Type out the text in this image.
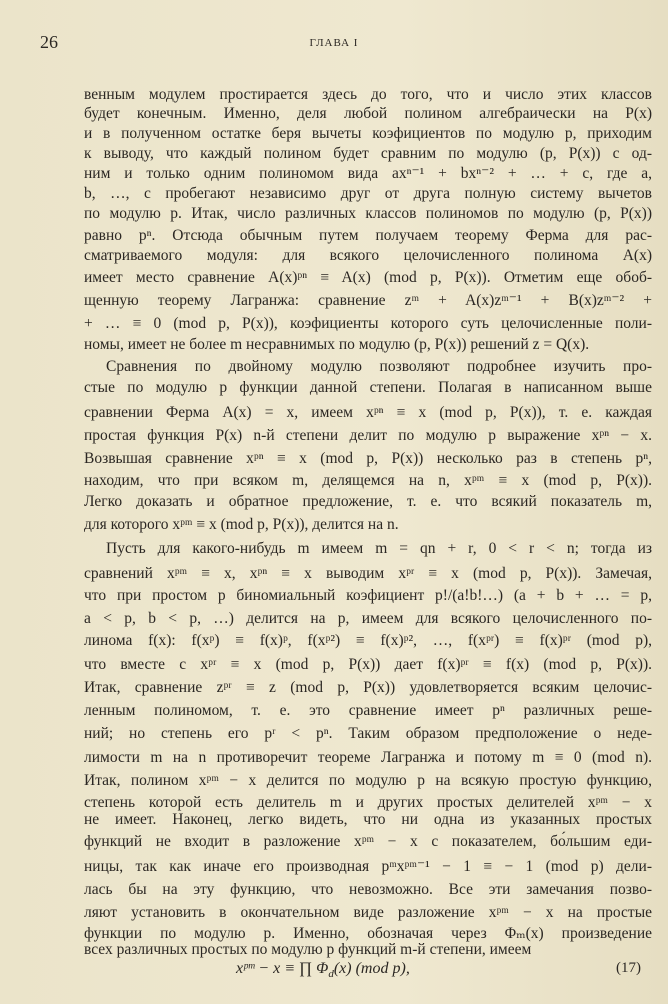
26	ГЛАВА I
венным модулем простирается здесь до того, что и число этих классов
будет конечным. Именно, деля любой полином алгебраически на P(x)
и в полученном остатке беря вычеты коэфициентов по модулю p, приходим
к выводу, что каждый полином будет сравним по модулю (p, P(x)) с од-
ним и только одним полиномом вида axⁿ⁻¹ + bxⁿ⁻² + … + c, где a,
b, …, c пробегают независимо друг от друга полную систему вычетов
по модулю p. Итак, число различных классов полиномов по модулю (p, P(x))
равно pⁿ. Отсюда обычным путем получаем теорему Ферма для рас-
сматриваемого модуля: для всякого целочисленного полинома A(x)
имеет место сравнение A(x)ᵖⁿ ≡ A(x) (mod p, P(x)). Отметим еще обоб-
щенную теорему Лагранжа: сравнение zᵐ + A(x)zᵐ⁻¹ + B(x)zᵐ⁻² +
+ … ≡ 0 (mod p, P(x)), коэфициенты которого суть целочисленные поли-
номы, имеет не более m несравнимых по модулю (p, P(x)) решений z = Q(x).
Сравнения по двойному модулю позволяют подробнее изучить про-
стые по модулю p функции данной степени. Полагая в написанном выше
сравнении Ферма A(x) = x, имеем xᵖⁿ ≡ x (mod p, P(x)), т. е. каждая
простая функция P(x) n-й степени делит по модулю p выражение xᵖⁿ − x.
Возвышая сравнение xᵖⁿ ≡ x (mod p, P(x)) несколько раз в степень pⁿ,
находим, что при всяком m, делящемся на n, xᵖᵐ ≡ x (mod p, P(x)).
Легко доказать и обратное предложение, т. е. что всякий показатель m,
для которого xᵖᵐ ≡ x (mod p, P(x)), делится на n.
Пусть для какого-нибудь m имеем m = qn + r, 0 < r < n; тогда из
сравнений xᵖᵐ ≡ x, xᵖⁿ ≡ x выводим xᵖʳ ≡ x (mod p, P(x)). Замечая,
что при простом p биномиальный коэфициент p!/(a!b!…) (a + b + … = p,
a < p, b < p, …) делится на p, имеем для всякого целочисленного по-
линома f(x): f(xᵖ) ≡ f(x)ᵖ, f(xᵖ²) ≡ f(x)ᵖ², …, f(xᵖʳ) ≡ f(x)ᵖʳ (mod p),
что вместе с xᵖʳ ≡ x (mod p, P(x)) дает f(x)ᵖʳ ≡ f(x) (mod p, P(x)).
Итак, сравнение zᵖʳ ≡ z (mod p, P(x)) удовлетворяется всяким целочис-
ленным полиномом, т. е. это сравнение имеет pⁿ различных реше-
ний; но степень его pʳ < pⁿ. Таким образом предположение о неде-
лимости m на n противоречит теореме Лагранжа и потому m ≡ 0 (mod n).
Итак, полином xᵖᵐ − x делится по модулю p на всякую простую функцию,
степень которой есть делитель m и других простых делителей xᵖᵐ − x
не имеет. Наконец, легко видеть, что ни одна из указанных простых
функций не входит в разложение xᵖᵐ − x с показателем, бо́льшим еди-
ницы, так как иначе его производная pᵐxᵖᵐ⁻¹ − 1 ≡ − 1 (mod p) дели-
лась бы на эту функцию, что невозможно. Все эти замечания позво-
ляют установить в окончательном виде разложение xᵖᵐ − x на простые
функции по модулю p. Именно, обозначая через Φₘ(x) произведение
всех различных простых по модулю p функций m-й степени, имеем
xᵖᵐ − x ≡ ∏ $\Phi_d(x)$ (mod p),	(17)
